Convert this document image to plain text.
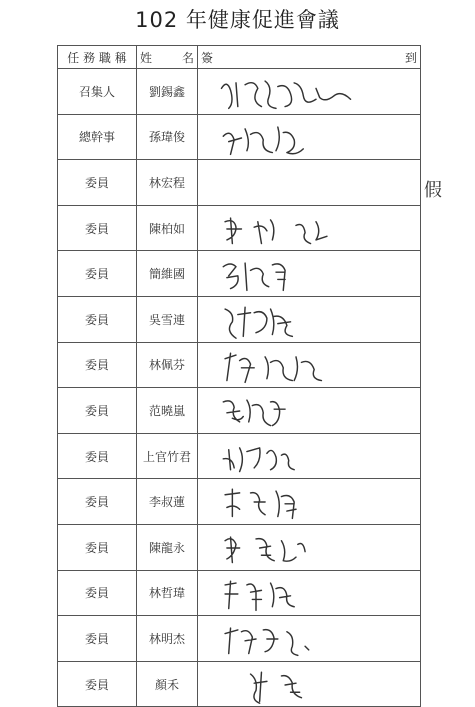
102 年健康促進會議
任 務 職 稱	姓 名	簽 到

召集人	劉錫鑫	

總幹事	孫瑋俊	

委員	林宏程	
委員	陳柏如	

委員	簡維國	

委員	吳雪連	

委員	林佩芬	

委員	范曉嵐	

委員	上官竹君	

委員	李叔蓮	

委員	陳龍永	

委員	林哲瑋	

委員	林明杰	

委員	顏禾	
假
